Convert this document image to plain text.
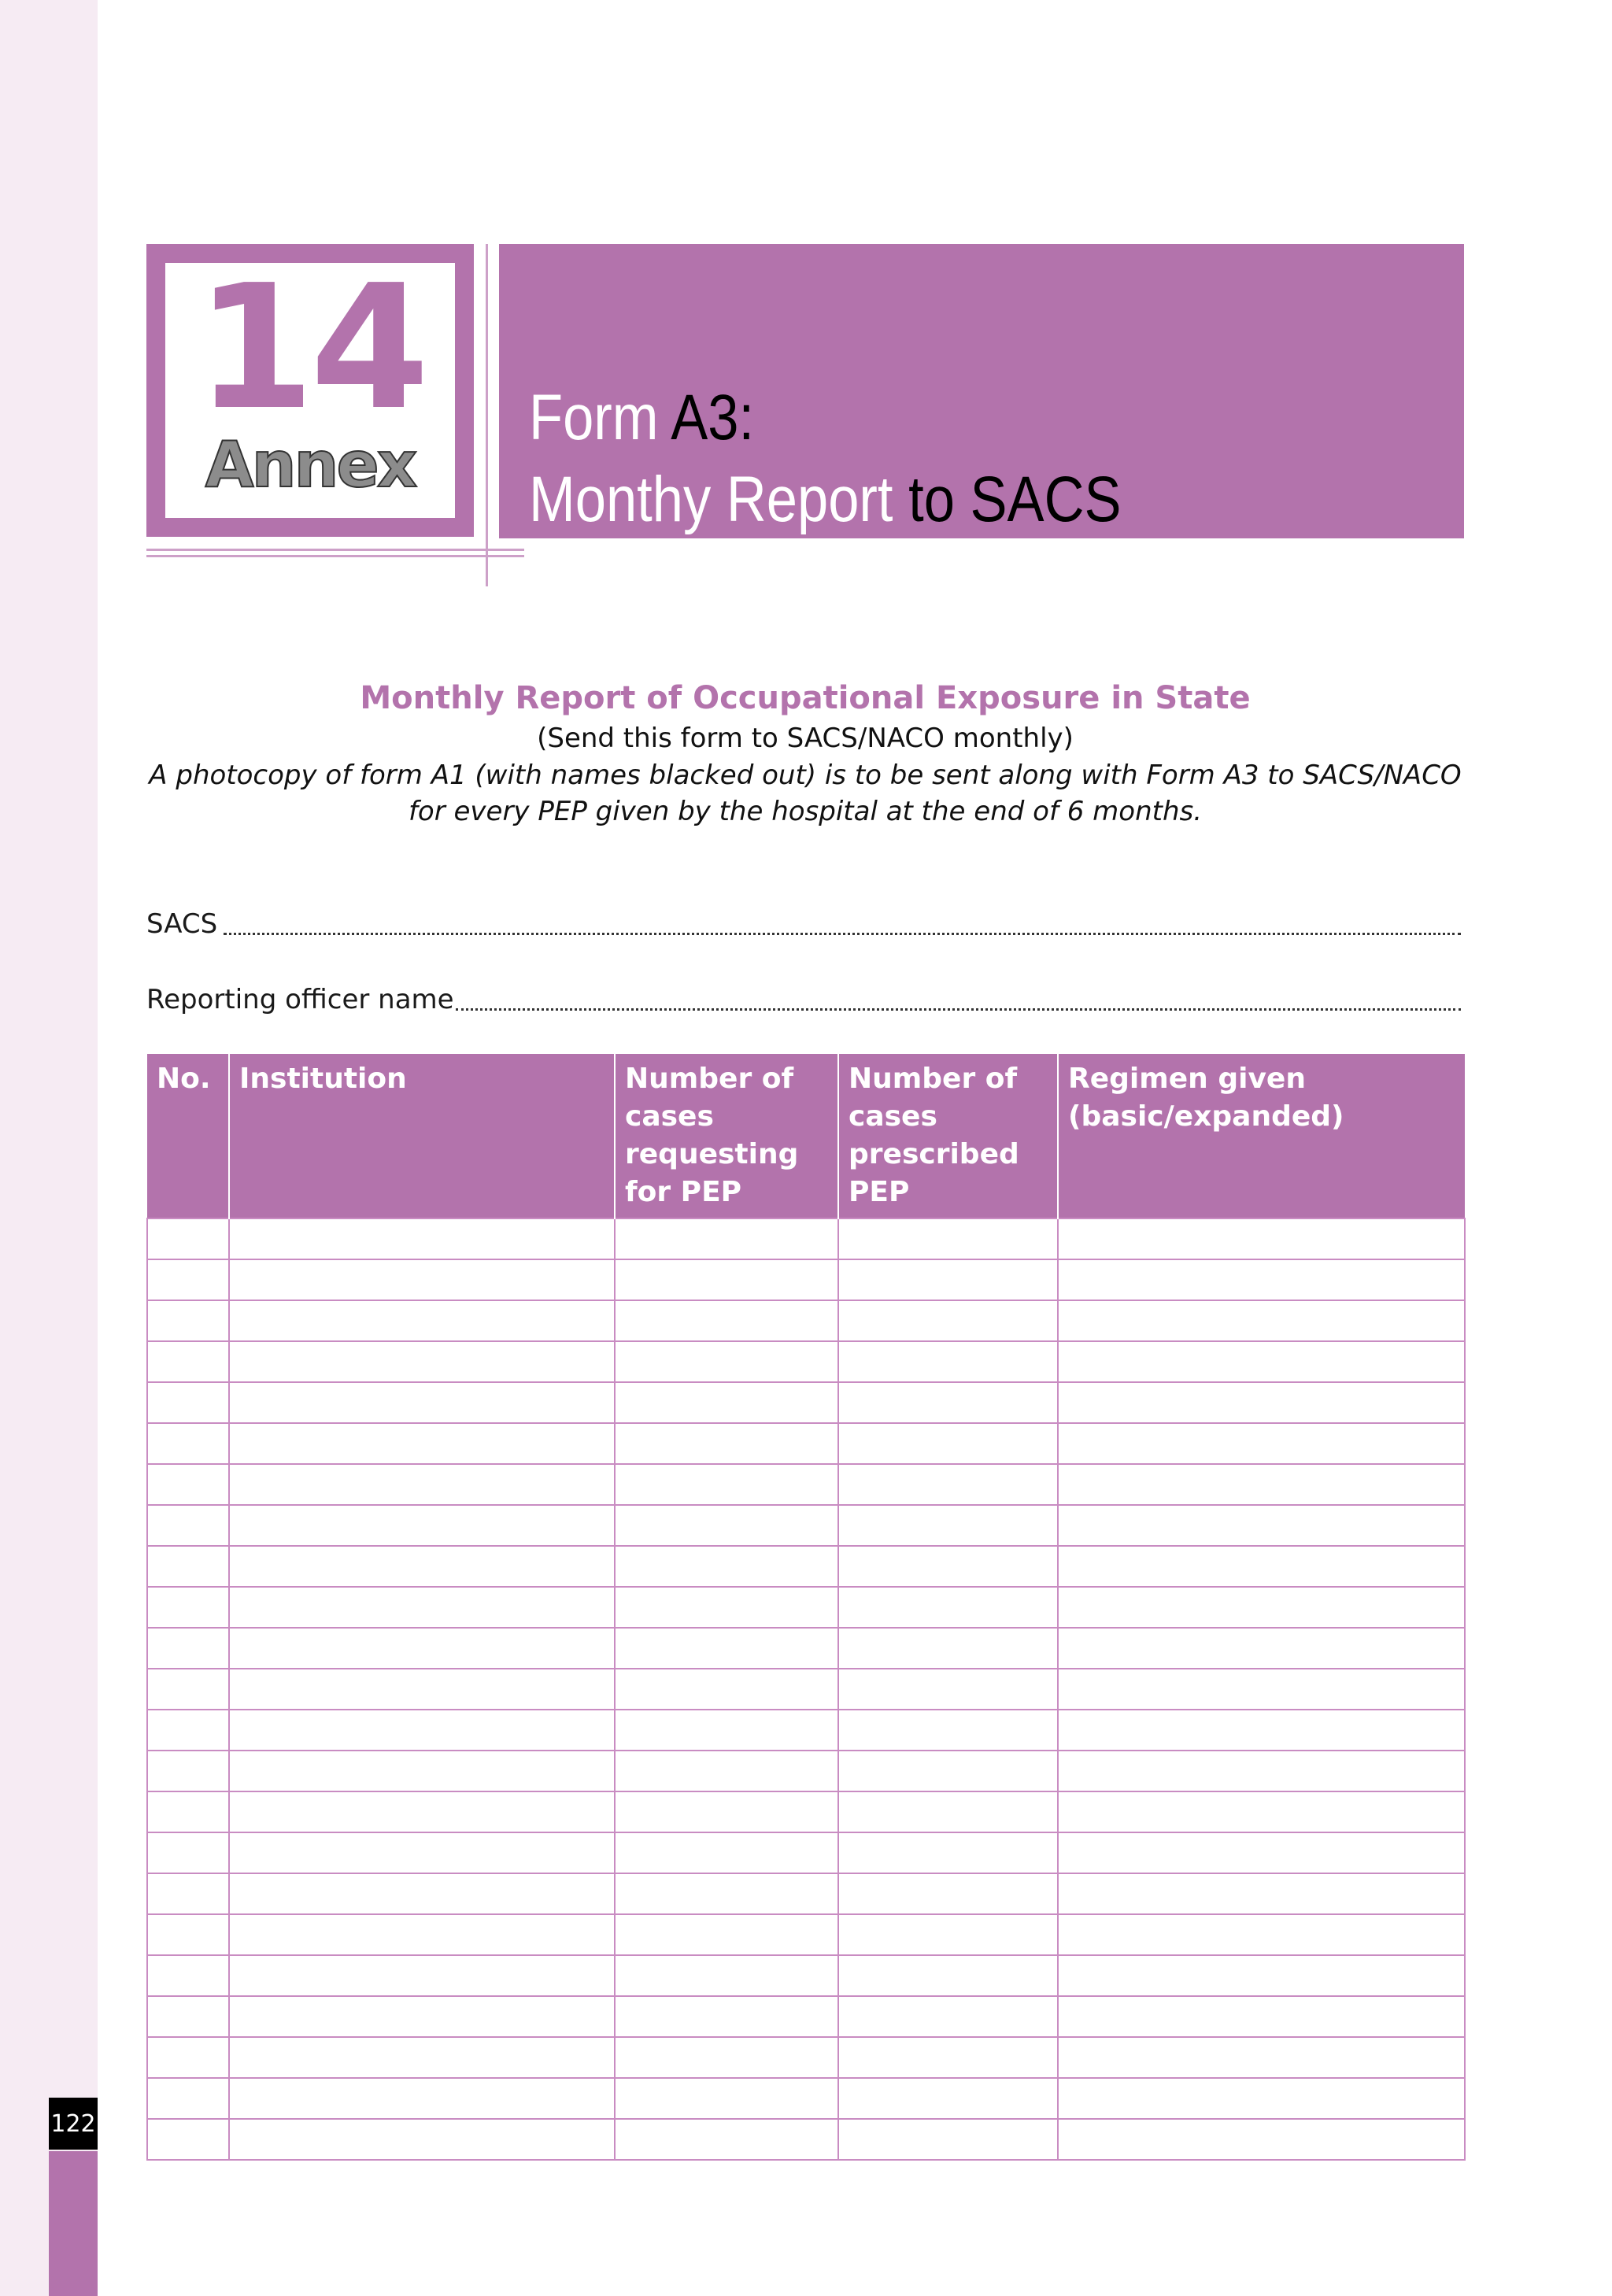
122
14
Annex
Form A3:
Monthy Report to SACS
Monthly Report of Occupational Exposure in State
(Send this form to SACS/NACO monthly)
A photocopy of form A1 (with names blacked out) is to be sent along with Form A3 to SACS/NACO for every PEP given by the hospital at the end of 6 months.
SACS
Reporting officer name
No.	Institution	Number of cases requesting for PEP	Number of cases prescribed PEP	Regimen given (basic/expanded)
